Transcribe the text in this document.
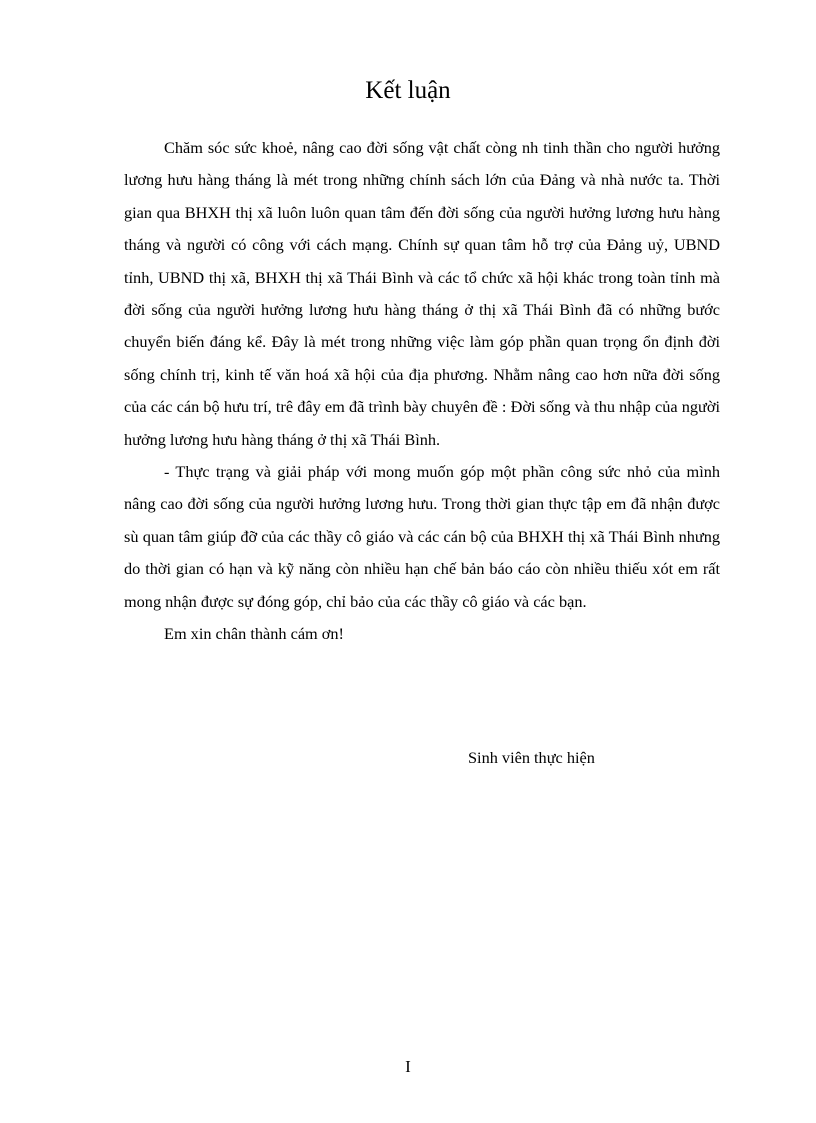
Kết luận

Chăm sóc sức khoẻ, nâng cao đời sống vật chất còng nh tinh thần cho người hưởng lương hưu hàng tháng là mét trong những chính sách lớn của Đảng và nhà nước ta. Thời gian qua BHXH thị xã luôn luôn quan tâm đến đời sống của người hưởng lương hưu hàng tháng và người có công với cách mạng. Chính sự quan tâm hỗ trợ của Đảng uỷ, UBND tỉnh, UBND thị xã, BHXH thị xã Thái Bình và các tổ chức xã hội khác trong toàn tỉnh mà đời sống của người hưởng lương hưu hàng tháng ở thị xã Thái Bình đã có những bước chuyển biến đáng kể. Đây là mét trong những việc làm góp phần quan trọng ổn định đời sống chính trị, kinh tế văn hoá xã hội của địa phương. Nhằm nâng cao hơn nữa đời sống của các cán bộ hưu trí, trê đây em đã trình bày chuyên đề : Đời sống và thu nhập của người hưởng lương hưu hàng tháng ở thị xã Thái Bình.

- Thực trạng và giải pháp với mong muốn góp một phần công sức nhỏ của mình nâng cao đời sống của người hưởng lương hưu. Trong thời gian thực tập em đã nhận được sù quan tâm giúp đỡ của các thầy cô giáo và các cán bộ của BHXH thị xã Thái Bình nhưng do thời gian có hạn và kỹ năng còn nhiều hạn chế bản báo cáo còn nhiều thiếu xót em rất mong nhận được sự đóng góp, chỉ bảo của các thầy cô giáo và các bạn.

Em xin chân thành cám ơn!

Sinh viên thực hiện

I
